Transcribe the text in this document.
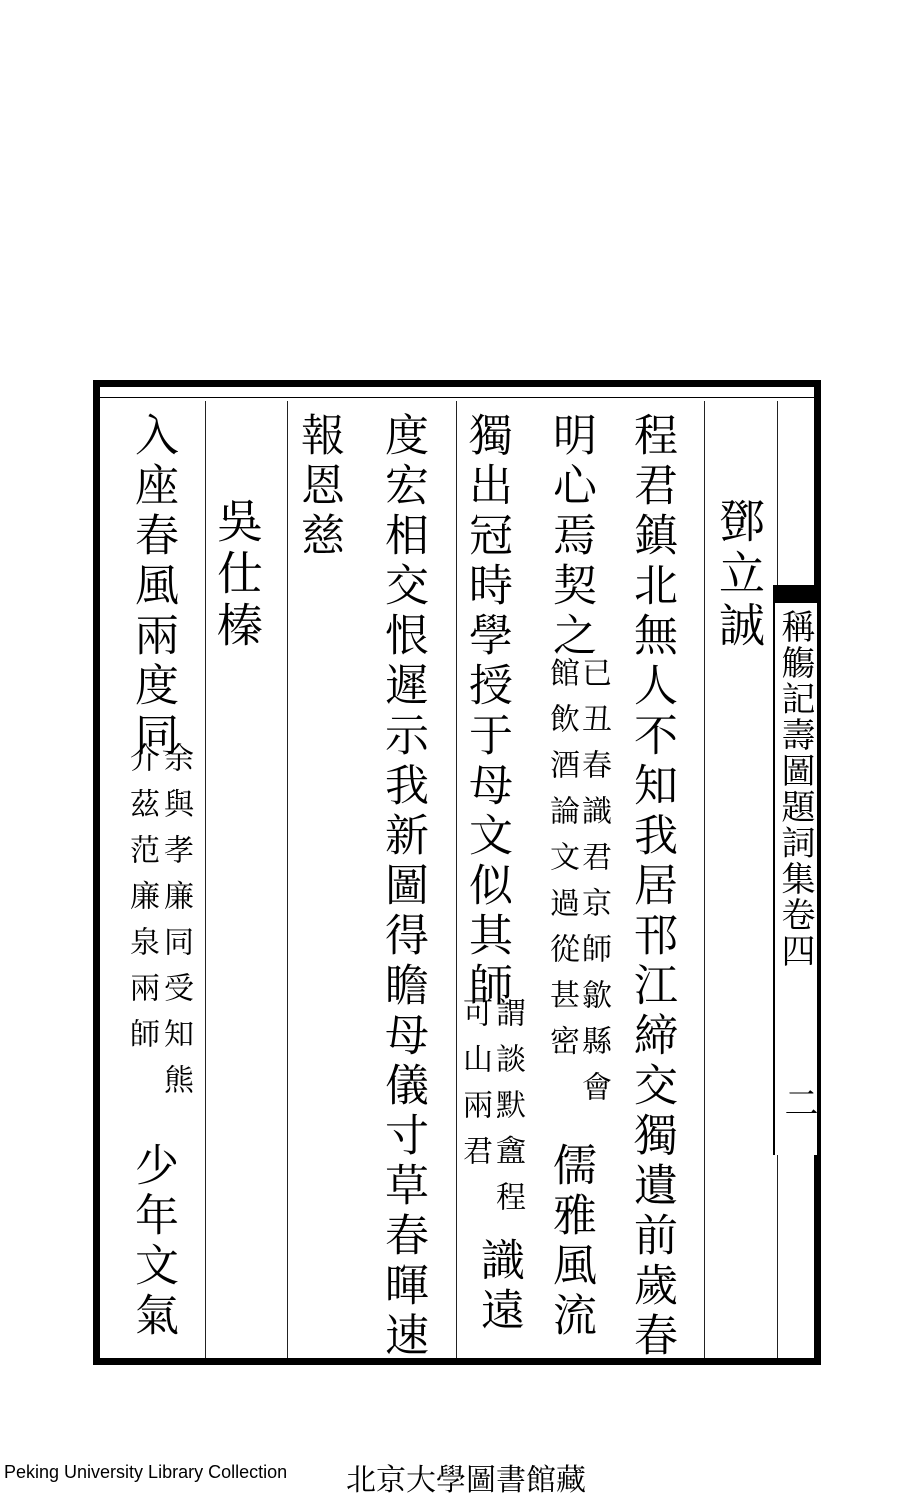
鄧立誠
程君鎮北無人不知我居邗江締交獨遺前歲春
明心焉契之
已丑春識君京師歙縣會
館飲酒論文過從甚密
儒雅風流
獨出冠時學授于母文似其師
謂談默盦程
可山兩君
識遠
度宏相交恨遲示我新圖得瞻母儀寸草春暉速
報恩慈
吳仕榛
入座春風兩度同
余與孝廉同受知熊
介茲范廉泉兩師
少年文氣
稱觴記壽圖題詞集卷四
二
Peking University Library Collection 北京大學圖書館藏
